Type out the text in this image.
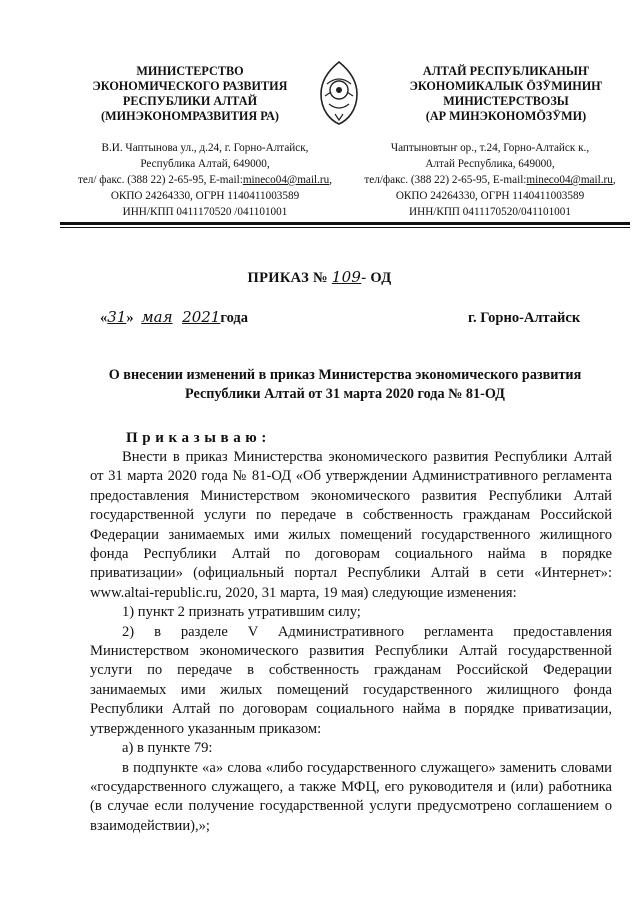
МИНИСТЕРСТВО
ЭКОНОМИЧЕСКОГО РАЗВИТИЯ
РЕСПУБЛИКИ АЛТАЙ
(МИНЭКОНОМРАЗВИТИЯ РА)
АЛТАЙ РЕСПУБЛИКАНЫҤ
ЭКОНОМИКАЛЫК ӦЗӰМИНИҤ
МИНИСТЕРСТВОЗЫ
(АР МИНЭКОНОМӦЗӰМИ)
В.И. Чаптынова ул., д.24, г. Горно-Алтайск,
Республика Алтай, 649000,
тел/ факс. (388 22) 2-65-95, E-mail:mineco04@mail.ru,
ОКПО 24264330, ОГРН 1140411003589
ИНН/КПП 0411170520 /041101001
Чаптыновтыҥ ор., т.24, Горно-Алтайск к.,
Алтай Республика, 649000,
тел/факс. (388 22) 2-65-95, E-mail:mineco04@mail.ru,
ОКПО 24264330, ОГРН 1140411003589
ИНН/КПП 0411170520/041101001
ПРИКАЗ № 109- ОД
«31» мая 2021года	г. Горно-Алтайск
О внесении изменений в приказ Министерства экономического развития
Республики Алтай от 31 марта 2020 года № 81-ОД
Приказываю:

Внести в приказ Министерства экономического развития Республики Алтай от 31 марта 2020 года № 81-ОД «Об утверждении Административного регламента предоставления Министерством экономического развития Республики Алтай государственной услуги по передаче в собственность гражданам Российской Федерации занимаемых ими жилых помещений государственного жилищного фонда Республики Алтай по договорам социального найма в порядке приватизации» (официальный портал Республики Алтай в сети «Интернет»: www.altai-republic.ru, 2020, 31 марта, 19 мая) следующие изменения:

1) пункт 2 признать утратившим силу;

2) в разделе V Административного регламента предоставления Министерством экономического развития Республики Алтай государственной услуги по передаче в собственность гражданам Российской Федерации занимаемых ими жилых помещений государственного жилищного фонда Республики Алтай по договорам социального найма в порядке приватизации, утвержденного указанным приказом:

а) в пункте 79:

в подпункте «а» слова «либо государственного служащего» заменить словами «государственного служащего, а также МФЦ, его руководителя и (или) работника (в случае если получение государственной услуги предусмотрено соглашением о взаимодействии),»;
